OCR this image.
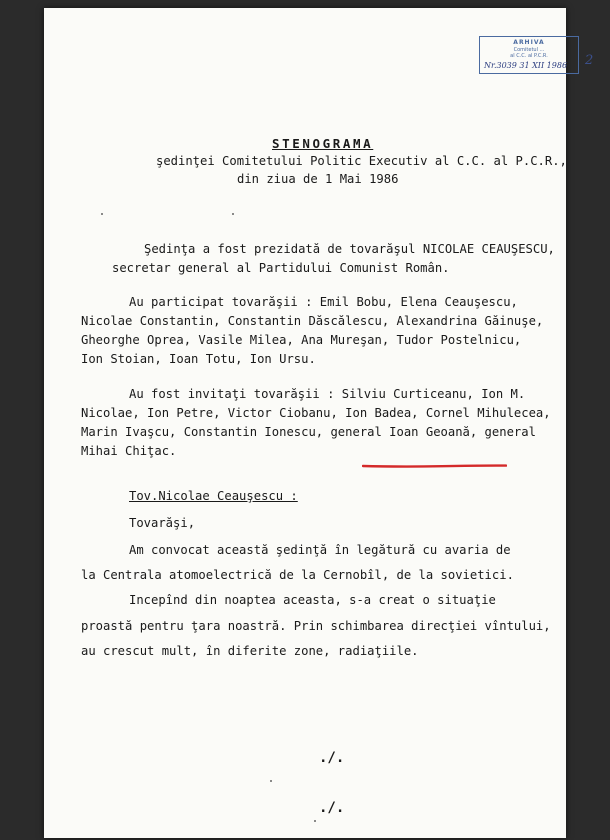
ARHIVA
Comitetul ...
al C.C. al P.C.R.
Nr.3039 31 XII 1986 2
STENOGRAMA
şedinţei Comitetului Politic Executiv al C.C. al P.C.R.,
din ziua de 1 Mai 1986
Şedinţa a fost prezidată de tovarăşul NICOLAE CEAUŞESCU,
secretar general al Partidului Comunist Român.
Au participat tovarăşii : Emil Bobu, Elena Ceauşescu,
Nicolae Constantin, Constantin Dăscălescu, Alexandrina Găinuşe,
Gheorghe Oprea, Vasile Milea, Ana Mureşan, Tudor Postelnicu,
Ion Stoian, Ioan Totu, Ion Ursu.
Au fost invitaţi tovarăşii : Silviu Curticeanu, Ion M.
Nicolae, Ion Petre, Victor Ciobanu, Ion Badea, Cornel Mihulecea,
Marin Ivaşcu, Constantin Ionescu, general Ioan Geoană, general
Mihai Chiţac.
Tov.Nicolae Ceauşescu :
Tovarăşi,
Am convocat această şedinţă în legătură cu avaria de
la Centrala atomoelectrică de la Cernobîl, de la sovietici.
Incepînd din noaptea aceasta, s-a creat o situaţie
proastă pentru ţara noastră. Prin schimbarea direcţiei vîntului,
au crescut mult, în diferite zone, radiaţiile.
./.
./.
